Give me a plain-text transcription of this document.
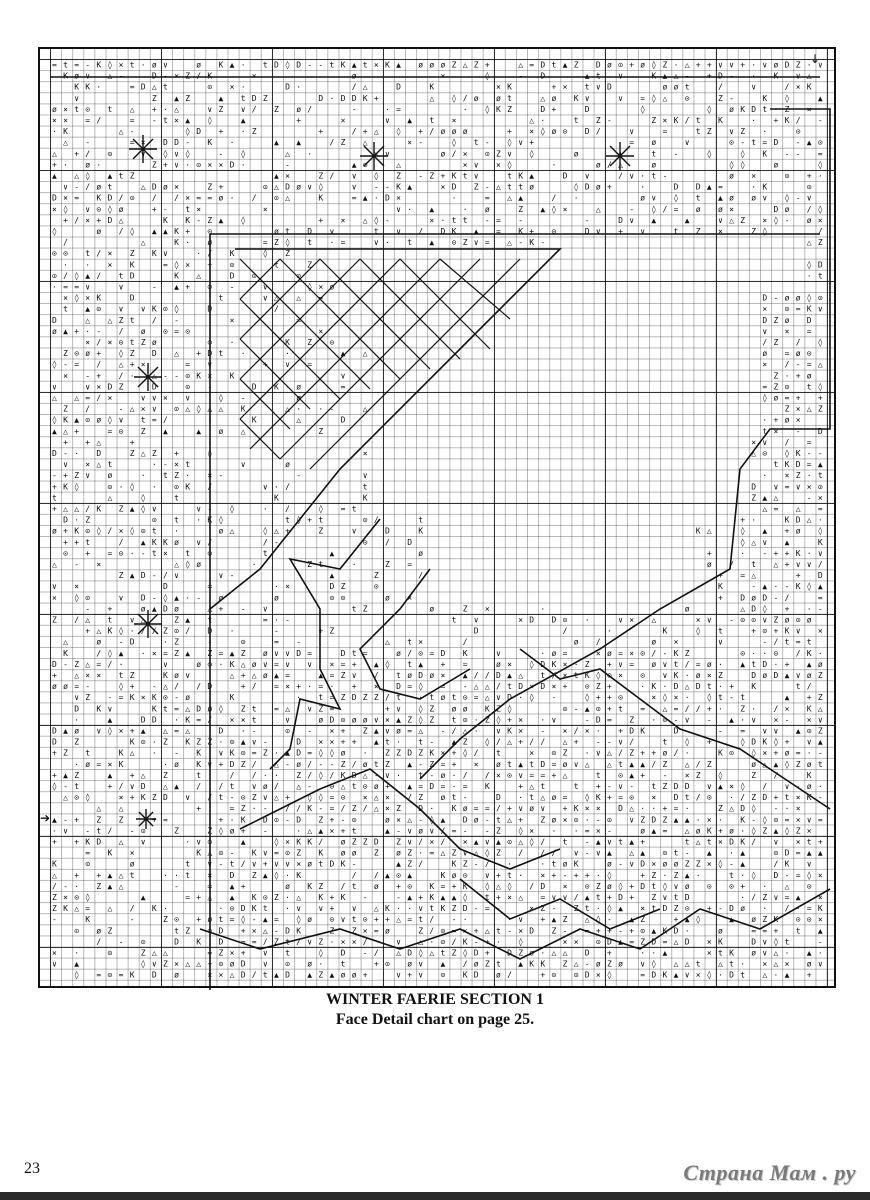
= t = ‐ K ◊ × t · ø ∨	ø K ▲ · t D ◊ D ‐ ‐ t K ▲ t × K ▲ ø ø ø Z △ Z +	△ = D t ▲ Z D ø ⊙ + ø ◊ Z · △ + + ∨ ∨ + · ∨ ø D Z · ∨
K ø ∨ △ ‐	D ‐ × Z / K	×	ø	×	◊	‐ D	▲ t ∨	K ▲ △ ‐ + D ‐ · K ∨ △
K K ·	= D △ t	⊙ × ·	D ·	/ △	D	K	× K	+ × t ∨ D	ø ø t	/	∨	/ × K
∨	Z ▲ Z	▲ t D Z	D · D D K +	△ ◊ / ø ø t	△ ø K ∨	∨ = ◊ △ ⊙	Z ‐	K ◊	▲
ø × t ⊙ t △ + · △	∨ Z ∨ / Z ø /	‐	· =	· ◊ K Z	D +	D	◊	◊ ø K D t · Z ×
× × = /	= ‐ t × ▲ ◊	▲	+	×	∨ ▲ t ×	△ ·	t Z ‐	Z × K / t K	· + K / ‐
· K	△ ‐	◊ D + · Z	+	/ + △ ◊ + / ø ø ø	+ × ◊ ø ⊙ D /	∨	=	t Z ∨ Z ·	⊙
△ ‐	= × D D ‐ K ·	▲ ▲	/ Z △	× ‐	◊ t ‐ ◊ ∨ +	= ø	∨	⊙ ‐ t = D ‐ ▲ ⊙
△ + / ⊙	∨ ◊ ∨ ◊	‐ ◊	△ ·	× ∨	ø / × ⊙ Z ∨ ◊	ø	+	t ‐	◊	◊ K ‐ ‐ =
+ · ø ·	Z + ∨ · ⊙ × × D ·	‐	▲ ⊙	△	× ∨ × ◊	·	ø / △	ø	◊ ◊	ø	◊
▲ △ ◊ ▲ t Z	▲ ×	Z / ∨ ◊ Z ‐ Z + K t ∨	t K ▲	D ∨	/ ∨ · t ‐	ø ×	⊙ + ·
∨ ‐ / ø t	△ D ø ×	Z +	⊙ △ D ø ∨ ◊	∨ ‐ ‐ K ▲	× D Z ‐ △ t t ø	◊ D ø +	·	D D ▲ =	· K	⊙
D × = K D / ⊙ / / × = = ø · / ⊙ △	K	= ▲ · D ×	·	= △ ▲	/ ·	ø ∨ ◊ t ▲ ø ø ∨ ◊ ‐ ∨
× ◊ ∨ ⊙ ◊ ø	+ ‐ t ×	×	∨ · ▲	· ø	Z ▲ ◊ ×	△	‐ ◊ / = ø ø ×	D ø / ◊
+ / × + D △	K K ‐ Z ▲ ◊	+ × △ ◊ ‐	× · t t ‐ = ‐	‐	D ∨ ▲	▲	∨ △ Z × ◊ ‐ ø ×
◊	ø / ◊ ▲ ▲ K + ⊙	ø t D ∨	t ∨ / D K ▲ = K + ⊙	D ∨ + ∨	t Z ×	Z ◊	/
/	△	K · ø	= Z ◊ t · =	∨ · t ▲ ⊙ Z ∨ = △ ‐ K ‐	△ Z
⊙ ⊙ t / × Z K ∨	· / K	◊ Z
· · × K	= ◊ × + ⊙	t	Z	◊ D
⊙ / ◊ ▲ / t D	K △	D ⊙	⊙	· t
· = = ∨	∨	‐ ▲ + ⊙ ‐	∨	◊ × ø
× ◊ × K	D	t	∨ △ △ =	D ‐ ø ø ◊ ⊙
t ▲ ⊙ ∨ ∨ K ⊙ ◊	D	/	× ⊙ = K ∨
D	△ △ Z t / ‐	×	=	D Z ø D
ø ▲ + · ‐ / ø ⊙ = ⊙	×	∨ × =
× / × ⊙ t Z ø	⊙ ·	K Z ⊙	/ Z / ◊
Z ⊙ ø + ◊ Z D △ + D t ·	·	▲ △	ø = ø ⊙
◊ ‐ = / △ + ×	= ∨	+ ∨ =	× / ‐ = △
× ‐ + / · △ ‐ ‐ ⊙ K × K	∨	Z · + ø
∨	∨ × D Z	D	⊙ ‐	D K · ø	=	= Z ⊙ t ◊
△ △ = / ×	∨ ∨ × ∨	◊ ‐	ø	◊ ø = + +
Z /	‐ △ × ∨ ⊙ △ ◊ △ △ K	△ · · ‐	△	Z × △ Z
◊ K ▲ ⊙ ø ◊ ∨ t = /	·	K	△	D	· + ø ×
▲ △ +	= ⊙ Z ▲	▲ ø △	Z	t × ‐ D
+ + △	+	·	× ∨ / =
D ‐ · D	Z △ Z +	◊	×	△ ⊙ ◊ K ‐ ‐
∨ × △ t	· ‐ × t	∨	ø	t K D = ▲
‐ + Z ∨ ø	· t Z · × ‐	‐	∨	· × Z · t
+ K ◊	⊙ · ◊ · ⊙ K /	∨ · /	t	D ∨ = ∨ × ⊙
t	△	◊	t	K	K	Z ▲ △	‐ ×
+ △ △ / K Z ▲ ◊ ∨	∨ ‐ ◊	· /	◊ = t	△ = △ =
D · Z	⊙ t · K ◊	t ◊ + t	⊙ /	t	+ ·	K D △ ·
ø + K ⊙ ◊ / × ◊ ⊙ t ·	ø △	◊ △ +	Z	∨	D	K	K △	◊ ▲ + ø ◊
+ + t	/ ▲ K K ø ∨ /	/ ‐	⊙ / D	◊ △ ∨ ▲	K
⊙ + = ⊙ · ‐ t × t ⊙	t	▲	ø	+	· ‐ + + K · ∨
△ ‐ ×	△ ◊ ø	·	Z t	·	Z =	ø / t △ + ∨ ∨ /
Z ▲ D ‐ / ∨	∨ ‐	▲	Z	/	+ = △	+ D
∨ ×	D	=	· ×	D Z	⊙	K	‐ ▲ · ‐ K ◊ ▲
× ◊ ⊙	∨ D ‐ ◊ ▲ · ‐ ø	ø	⊙ ⊙	ø ×	+ D ø D ‐ /	=
‐ +	ø ▲ D ø	△ + ‐ ∨	t Z	ø	Z ×	·	ø	△ D ◊ + · ‐
Z / △ t ∨ △	Z ▲ t	= · ‐	t ∨	× D D ⊙ ·	∨ × △	× ∨ ‐ ⊙ ⊙ ∨ Z ø ⊙ ø
+ △ K ◊ · / / Z ⊙ / D ·	‐	+ Z	D	/	·	K	◊ t	+ ⊙ + K ∨ ×
△	ø ‐ D	· Z	‐	⊙	= ‐	△ t ×	/	ø /	ø ×	∨	‐ / t = t
K	/ ◊ ▲ · × = Z ▲ Z = ▲ Z ø ∨ ∨ D =	D t =	ø / ⊙ = D K	∨	· ø =	× ø = × ⊙ / ‐ K Z	⊙ · · ⊙ / K ·
D ‐ Z △ = / ·	∨	ø ⊙ · K △ ø ∨ = ∨ ∨ × = + ▲ ◊ t ▲ + =	ø × ◊ D K × · Z + ∨ = ø ∨ t / = ø · ▲ t D · + ▲ ø
+ △ × × t Z	K ø ∨	△ + △ ø ▲ =	▲ = Z ∨ / t ø D ø × ▲ / / D ▲ △ t / × t K ◊ ⊙ × ⊙ ∨ K · ø × Z	D ø D ▲ ∨ ø Z
ø ø = ‐	◊ + ‐ △ / / D	+ / = × + · = · + × D = ◊ = ‐ △ △ / t D × D × + ⊙ Z +	· K · D △ D t · + K	t /
∨ Z ‐ = K × K ⊙ ‐ ø	K	· t = Z D Z Z / t · t ø t ⊙ = △ ∨ D · ◊ ‐	◊ + + ⊙	× ◊ × · ◊ t ‐ t	▲ + Z
D K ∨	K t = △ D ø ◊ Z t = △ ∨ Z =	+ ∨ ◊ Z ø ø K Z ◊	⊙ ‐ ▲ ⊙ + t = △ = / / + · Z · / × K △
·	▲	D D · K = / × × t	∨	ø D ⊙ ø ø ∨ × ▲ Z ◊ Z t ⊙ · Z ◊ + × · ∨	‐ D = Z · ⊙ ‐ ∨ ‐ ▲ · ∨ × ‐ × ∨
D ▲ ø ∨ ◊ × + ▲ △ = △ · D · ‐	⊙ ‐ × + Z ▲ ∨ ø = △ ‐ / △ · ∨ K × ‐ × / × · + D K	D	‐ = ∨ ∨ ▲ ⊙ Z
D Z	K ⊙ · Z K Z Z · ⊙ ▲ ∨ ‐	D × × + + ▲ t · t ‐ ▲ Z ◊ / △ + / / △ + ‐ ‐ ∨ /	t ◊ + ‐ ◊ D K ◊ + ∨ ▲
+ Z t	K △ · ‐ K ∨ K ⊙ = Z · ▲ D = ◊ ◊ ø · Z Z D Z K × + ◊ / t	× ⊙ Z · ∨ △ / Z + + ø / ·	K ⊙ ◊ × + ø = · ‐
· ø = × K	· ø K ∨ + D Z / △ ‐ ø / ‐ ‐ Z / ø t Z ▲ ‐ Z = + × ø t ▲ t D = ø ∨ △ △ t ▲ ▲ / Z △ / Z	ø △ ▲ ◊ Z ø t
+ ▲ Z	▲ + △ Z	t	/ / · · Z / ◊ / K D △ ‐ ∨ · t ‐ ø · / / × ⊙ ∨ = = + △	t ⊙ ▲ + ‐ × Z ◊	Z /	K
◊ ‐ t	+ / ∨ D △ ▲ / / t ∨ ø / △ ‐ ⊙ △ t ⊙ ø + ▲ = D = · = K	+ △ t	t + ‐ ∨ ‐ t Z D D ∨ ▲ × ◊ / ∨ ‐ ø ·
△ ⊙ ◊	× + K Z D ∨ / t ‐ ⊙ Z ∨ △ + ◊ ◊ = ⊙ × △ × / Z ø t ‐	D · t △ ø = ◊ K + = ⊙ × D t / ⊙ · / Z D + t × K ‐
△ △	+	= Z · ‐ / / K ‐ = / Z / △ × Z D · K ø = = / + ∨ ø ∨ + K × × D △ · · + = ·	Z △ D ◊ ‐ · ×
▲ ‐ + Z Z	+ =	+ · K D ⊙ ‐ D Z + ‐ ⊙	ø × △ ‐ ◊ ▲ D ø ‐ t △ + Z ø × ⊙ · ‐ ⊙ ∨ Z D Z ▲ ▲ · × · K ‐ ◊ ⊙ = × ∨ =
· ∨ ‐ t / ‐ ⊙	Z	Z ◊ ø + ‐	· △ ▲ × + t	▲ ‐ ∨ ø ∨ / = ‐ ‐ Z ◊ × · · = × ‐	ø ▲ = △ ø K + ø · ◊ Z ▲ ◊ Z ×
+ + K D △ ∨	· ∨ ⊙	▲	◊ × K K / ø Z Z D Z ∨ / × / × ▲ ∨ ▲ ⊙ △ ◊ / t ‐ ▲ ∨ t ▲ +	t △ t × D K / ∨ × t +
= K ×	K △ ⊙ ‐ K ∨ = ⊙ Z K ø ø Z ø Z · = △ Z ∨ △ ◊ Z / / / ∨ ‐ ∨ ▲ △ ▲ ⊙ t ‐ ▲ · ▲	⊙ D = ▲ ▲
K	⊙	ø	t ∨ ‐ t / ∨ + ∨ ∨ × ø t D K ‐	▲ Z /	K Z ‐ / ·	· t ø K	ø ‐ ∨ D × ø ø Z Z × ◊ ‐ ▲	/ K ∨
△ + + ▲ △ t	· · t × D Z ▲ ◊ · K	/ / ▲ ⊙ ▲	K ø ⊙ ∨ + t · × + ‐ + + · ◊	+ Z · Z ▲ ·	t · ◊ D ‐ = ◊ ×
/ ‐ · Z ▲ △	‐	= ▲ +	ø K Z / t ø + ⊙ K = + K ◊ △ ◊ / D × ⊙ Z ø ◊ + D t ◊ ∨ ø ⊙ ⊙ + · △ ⊙
Z × ⊙ ◊	▲	= + △ ▲ K ⊙ Z · △ K + K ‐	‐ ▲ + K ▲ ▲ ◊ t + × △ = ∨ ∨ / ▲ t + D + Z ∨ t D	· / Z ∨ = ▲ ×
Z K △ = △ / K ·	· ⊙ D K t · ∨ ∨ + ∨ △ K · · ∨ t K Z D ‐ = ‐	× Z ‐ Z t · ◊ ▲ × t D Z ⊙ + ‐ D ø · / · = K
‐	K	‐	Z ⊙ + ø t = ◊ ‐ ▲ = ◊ ø ⊙ ∨ t ⊙ + + △ = t / ‐ ·	· ∨ + ▲ Z △ ◊ ‐ ▲ Z	+ ▲ ◊	▲ ø Z K ⊙ ⊙ ×
⊙ ø Z	t Z ⊙ D + × △ ‐ D K	Z Z × = ø	Z / ⊙ = × + △ t ‐ × D Z ‐ = + + ‐ + ⊙ ▲ K D ·	ø	= = + t ▲
/ ‐ ⊙	D K D = = / Z t / ∨ Z · × × /	∨ △ · ⊙ / K ‐ + · ◊	× × ⊙ D ▲ = Z D = △ D × K	D ∨ ◊ t	‐
× ·	⊙	Z △ △	= Z × + ∨ t	◊ D ‐ / △ D ◊ △ t Z ◊ D + D Z ø · △ △ D +	· · ▲	× t K ø ∨ △ · ▲ ·
∨ ▲	◊ ∨ Z × △ △ + ⊙ ø D ∨ ⊙ ø · t	+ ⊙ ø ∨ ▲ / ø Z t ▲ K K Z △ ‐ ø Z ø ∨ ◊ △ △ t △ t · × △ × ø ∨
◊ = ⊙ = K D ø	× × △ D / t ▲ D ▲ Z ▲ ø ø +	∨ + ∨ ⊙ K D ø /	+ ⊙ ⊙ D × ◊	= D K ▲ ∨ × ◊ · D t △ · ▲ +
↓
➔
WINTER FAERIE SECTION 1
Face Detail chart on page 25.
23	Страна Мам . ру
